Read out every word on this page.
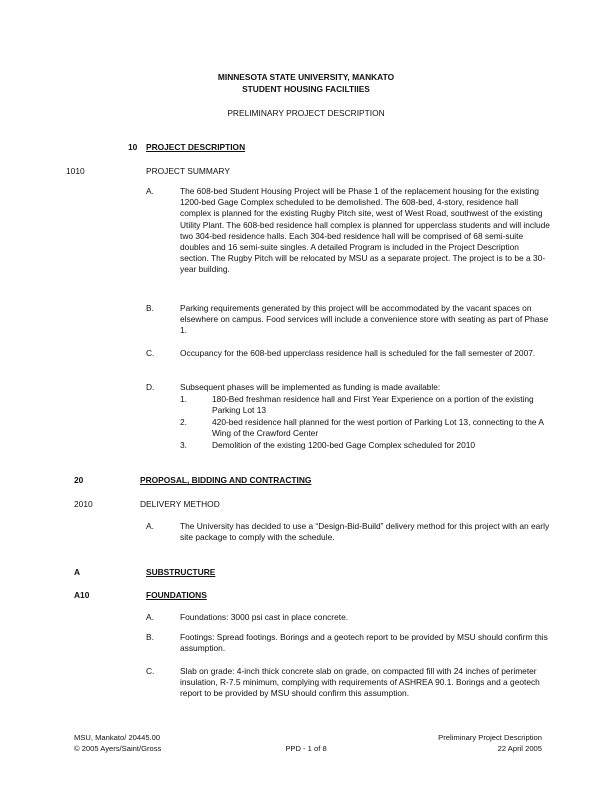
MINNESOTA STATE UNIVERSITY, MANKATO
STUDENT HOUSING FACILTIIES
PRELIMINARY PROJECT DESCRIPTION
10 PROJECT DESCRIPTION
1010	PROJECT SUMMARY
A.	The 608-bed Student Housing Project will be Phase 1 of the replacement housing for the existing 1200-bed Gage Complex scheduled to be demolished. The 608-bed, 4-story, residence hall complex is planned for the existing Rugby Pitch site, west of West Road, southwest of the existing Utility Plant. The 608-bed residence hall complex is planned for upperclass students and will include two 304-bed residence halls. Each 304-bed residence hall will be comprised of 68 semi-suite doubles and 16 semi-suite singles. A detailed Program is included in the Project Description section. The Rugby Pitch will be relocated by MSU as a separate project. The project is to be a 30-year building.
B.	Parking requirements generated by this project will be accommodated by the vacant spaces on elsewhere on campus. Food services will include a convenience store with seating as part of Phase 1.
C.	Occupancy for the 608-bed upperclass residence hall is scheduled for the fall semester of 2007.
D.	Subsequent phases will be implemented as funding is made available:
1.	180-Bed freshman residence hall and First Year Experience on a portion of the existing Parking Lot 13
2.	420-bed residence hall planned for the west portion of Parking Lot 13, connecting to the A Wing of the Crawford Center
3.	Demolition of the existing 1200-bed Gage Complex scheduled for 2010
20	PROPOSAL, BIDDING AND CONTRACTING
2010	DELIVERY METHOD
A.	The University has decided to use a “Design-Bid-Build” delivery method for this project with an early site package to comply with the schedule.
A	SUBSTRUCTURE
A10	FOUNDATIONS
A.	Foundations: 3000 psi cast in place concrete.
B.	Footings: Spread footings. Borings and a geotech report to be provided by MSU should confirm this assumption.
C.	Slab on grade: 4-inch thick concrete slab on grade, on compacted fill with 24 inches of perimeter insulation, R-7.5 minimum, complying with requirements of ASHREA 90.1. Borings and a geotech report to be provided by MSU should confirm this assumption.
MSU, Mankato/ 20445.00
© 2005 Ayers/Saint/Gross	PPD - 1 of 8
Preliminary Project Description
22 April 2005
